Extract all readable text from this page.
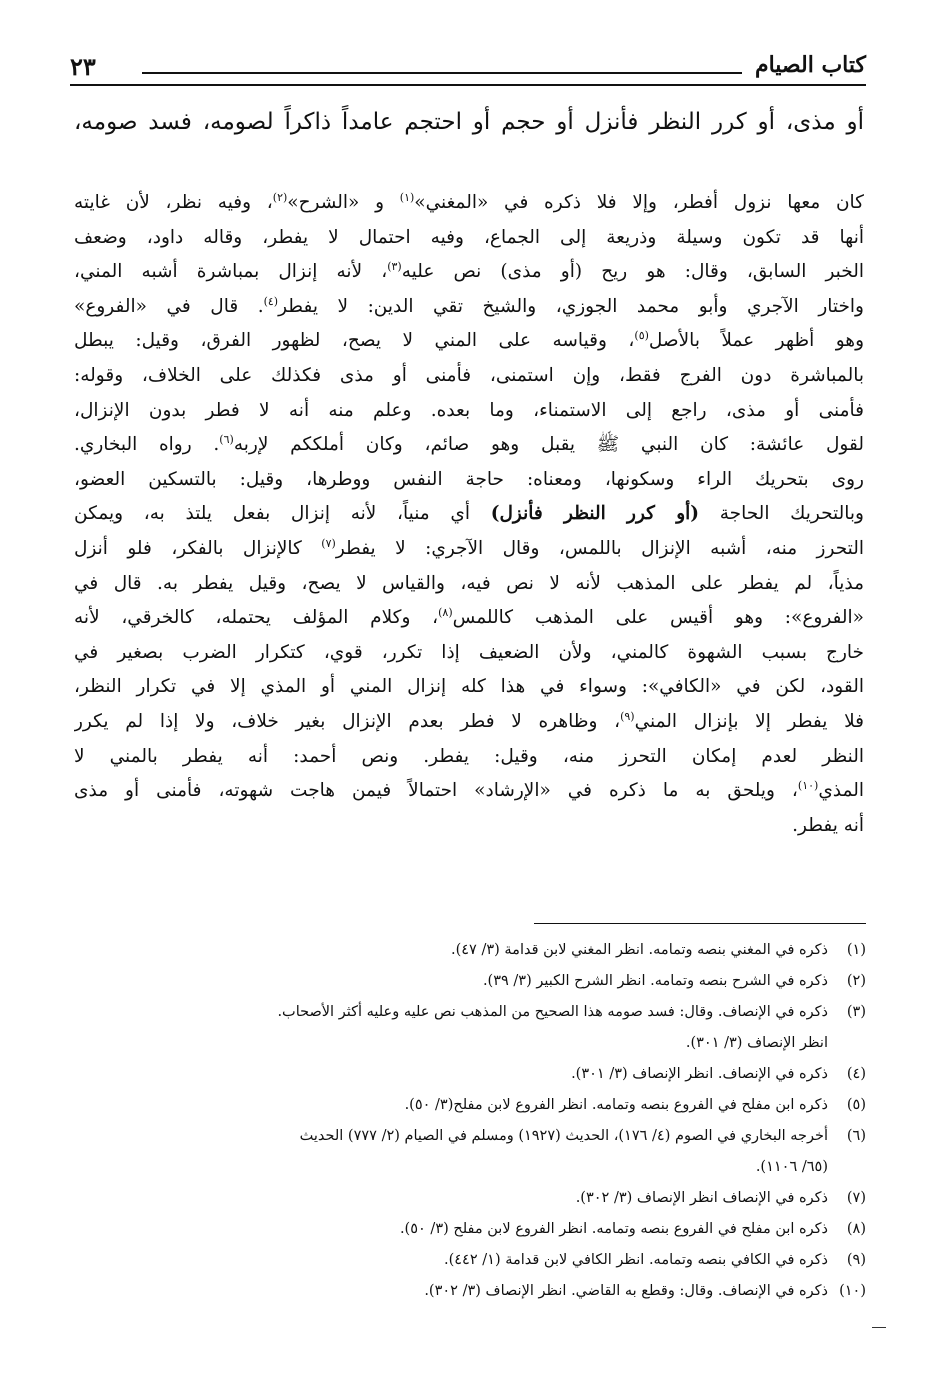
كتاب الصيام
٢٣
أو مذى، أو كرر النظر فأنزل أو حجم أو احتجم عامداً ذاكراً لصومه، فسد صومه،
كان معها نزول أفطر، وإلا فلا ذكره في «المغني»$^{(١)}$ و «الشرح»$^{(٢)}$، وفيه نظر، لأن غايته
أنها قد تكون وسيلة وذريعة إلى الجماع، وفيه احتمال لا يفطر، وقاله داود، وضعف
الخبر السابق، وقال: هو ريح (أو مذى) نص عليه$^{(٣)}$، لأنه إنزال بمباشرة أشبه المني،
واختار الآجري وأبو محمد الجوزي، والشيخ تقي الدين: لا يفطر$^{(٤)}$. قال في «الفروع»
وهو أظهر عملاً بالأصل$^{(٥)}$، وقياسه على المني لا يصح، لظهور الفرق، وقيل: يبطل
بالمباشرة دون الفرج فقط، وإن استمنى، فأمنى أو مذى فكذلك على الخلاف، وقوله:
فأمنى أو مذى، راجع إلى الاستمناء، وما بعده. وعلم منه أنه لا فطر بدون الإنزال،
لقول عائشة: كان النبي ﷺ يقبل وهو صائم، وكان أملككم لإربه$^{(٦)}$. رواه البخاري.
روى بتحريك الراء وسكونها، ومعناه: حاجة النفس ووطرها، وقيل: بالتسكين العضو،
وبالتحريك الحاجة (أو كرر النظر فأنزل) أي منياً، لأنه إنزال بفعل يلتذ به، ويمكن
التحرز منه، أشبه الإنزال باللمس، وقال الآجري: لا يفطر$^{(٧)}$ كالإنزال بالفكر، فلو أنزل
مذياً، لم يفطر على المذهب لأنه لا نص فيه، والقياس لا يصح، وقيل يفطر به. قال في
«الفروع»: وهو أقيس على المذهب كاللمس$^{(٨)}$، وكلام المؤلف يحتمله، كالخرقي، لأنه
خارج بسبب الشهوة كالمني، ولأن الضعيف إذا تكرر، قوي، كتكرار الضرب بصغير في
القود، لكن في «الكافي»: وسواء في هذا كله إنزال المني أو المذي إلا في تكرار النظر،
فلا يفطر إلا بإنزال المني$^{(٩)}$، وظاهره لا فطر بعدم الإنزال بغير خلاف، ولا إذا لم يكرر
النظر لعدم إمكان التحرز منه، وقيل: يفطر. ونص أحمد: أنه يفطر بالمني لا
المذي$^{(١٠)}$، ويلحق به ما ذكره في «الإرشاد» احتمالاً فيمن هاجت شهوته، فأمنى أو مذى
أنه يفطر.
(١)
ذكره في المغني بنصه وتمامه. انظر المغني لابن قدامة (٣/ ٤٧).
(٢)
ذكره في الشرح بنصه وتمامه. انظر الشرح الكبير (٣/ ٣٩).
(٣)
ذكره في الإنصاف. وقال: فسد صومه هذا الصحيح من المذهب نص عليه وعليه أكثر الأصحاب.
انظر الإنصاف (٣/ ٣٠١).
(٤)
ذكره في الإنصاف. انظر الإنصاف (٣/ ٣٠١).
(٥)
ذكره ابن مفلح في الفروع بنصه وتمامه. انظر الفروع لابن مفلح(٣/ ٥٠).
(٦)
أخرجه البخاري في الصوم (٤/ ١٧٦)، الحديث (١٩٢٧) ومسلم في الصيام (٢/ ٧٧٧) الحديث
(٦٥/ ١١٠٦).
(٧)
ذكره في الإنصاف انظر الإنصاف (٣/ ٣٠٢).
(٨)
ذكره ابن مفلح في الفروع بنصه وتمامه. انظر الفروع لابن مفلح (٣/ ٥٠).
(٩)
ذكره في الكافي بنصه وتمامه. انظر الكافي لابن قدامة (١/ ٤٤٢).
(١٠)
ذكره في الإنصاف. وقال: وقطع به القاضي. انظر الإنصاف (٣/ ٣٠٢).
